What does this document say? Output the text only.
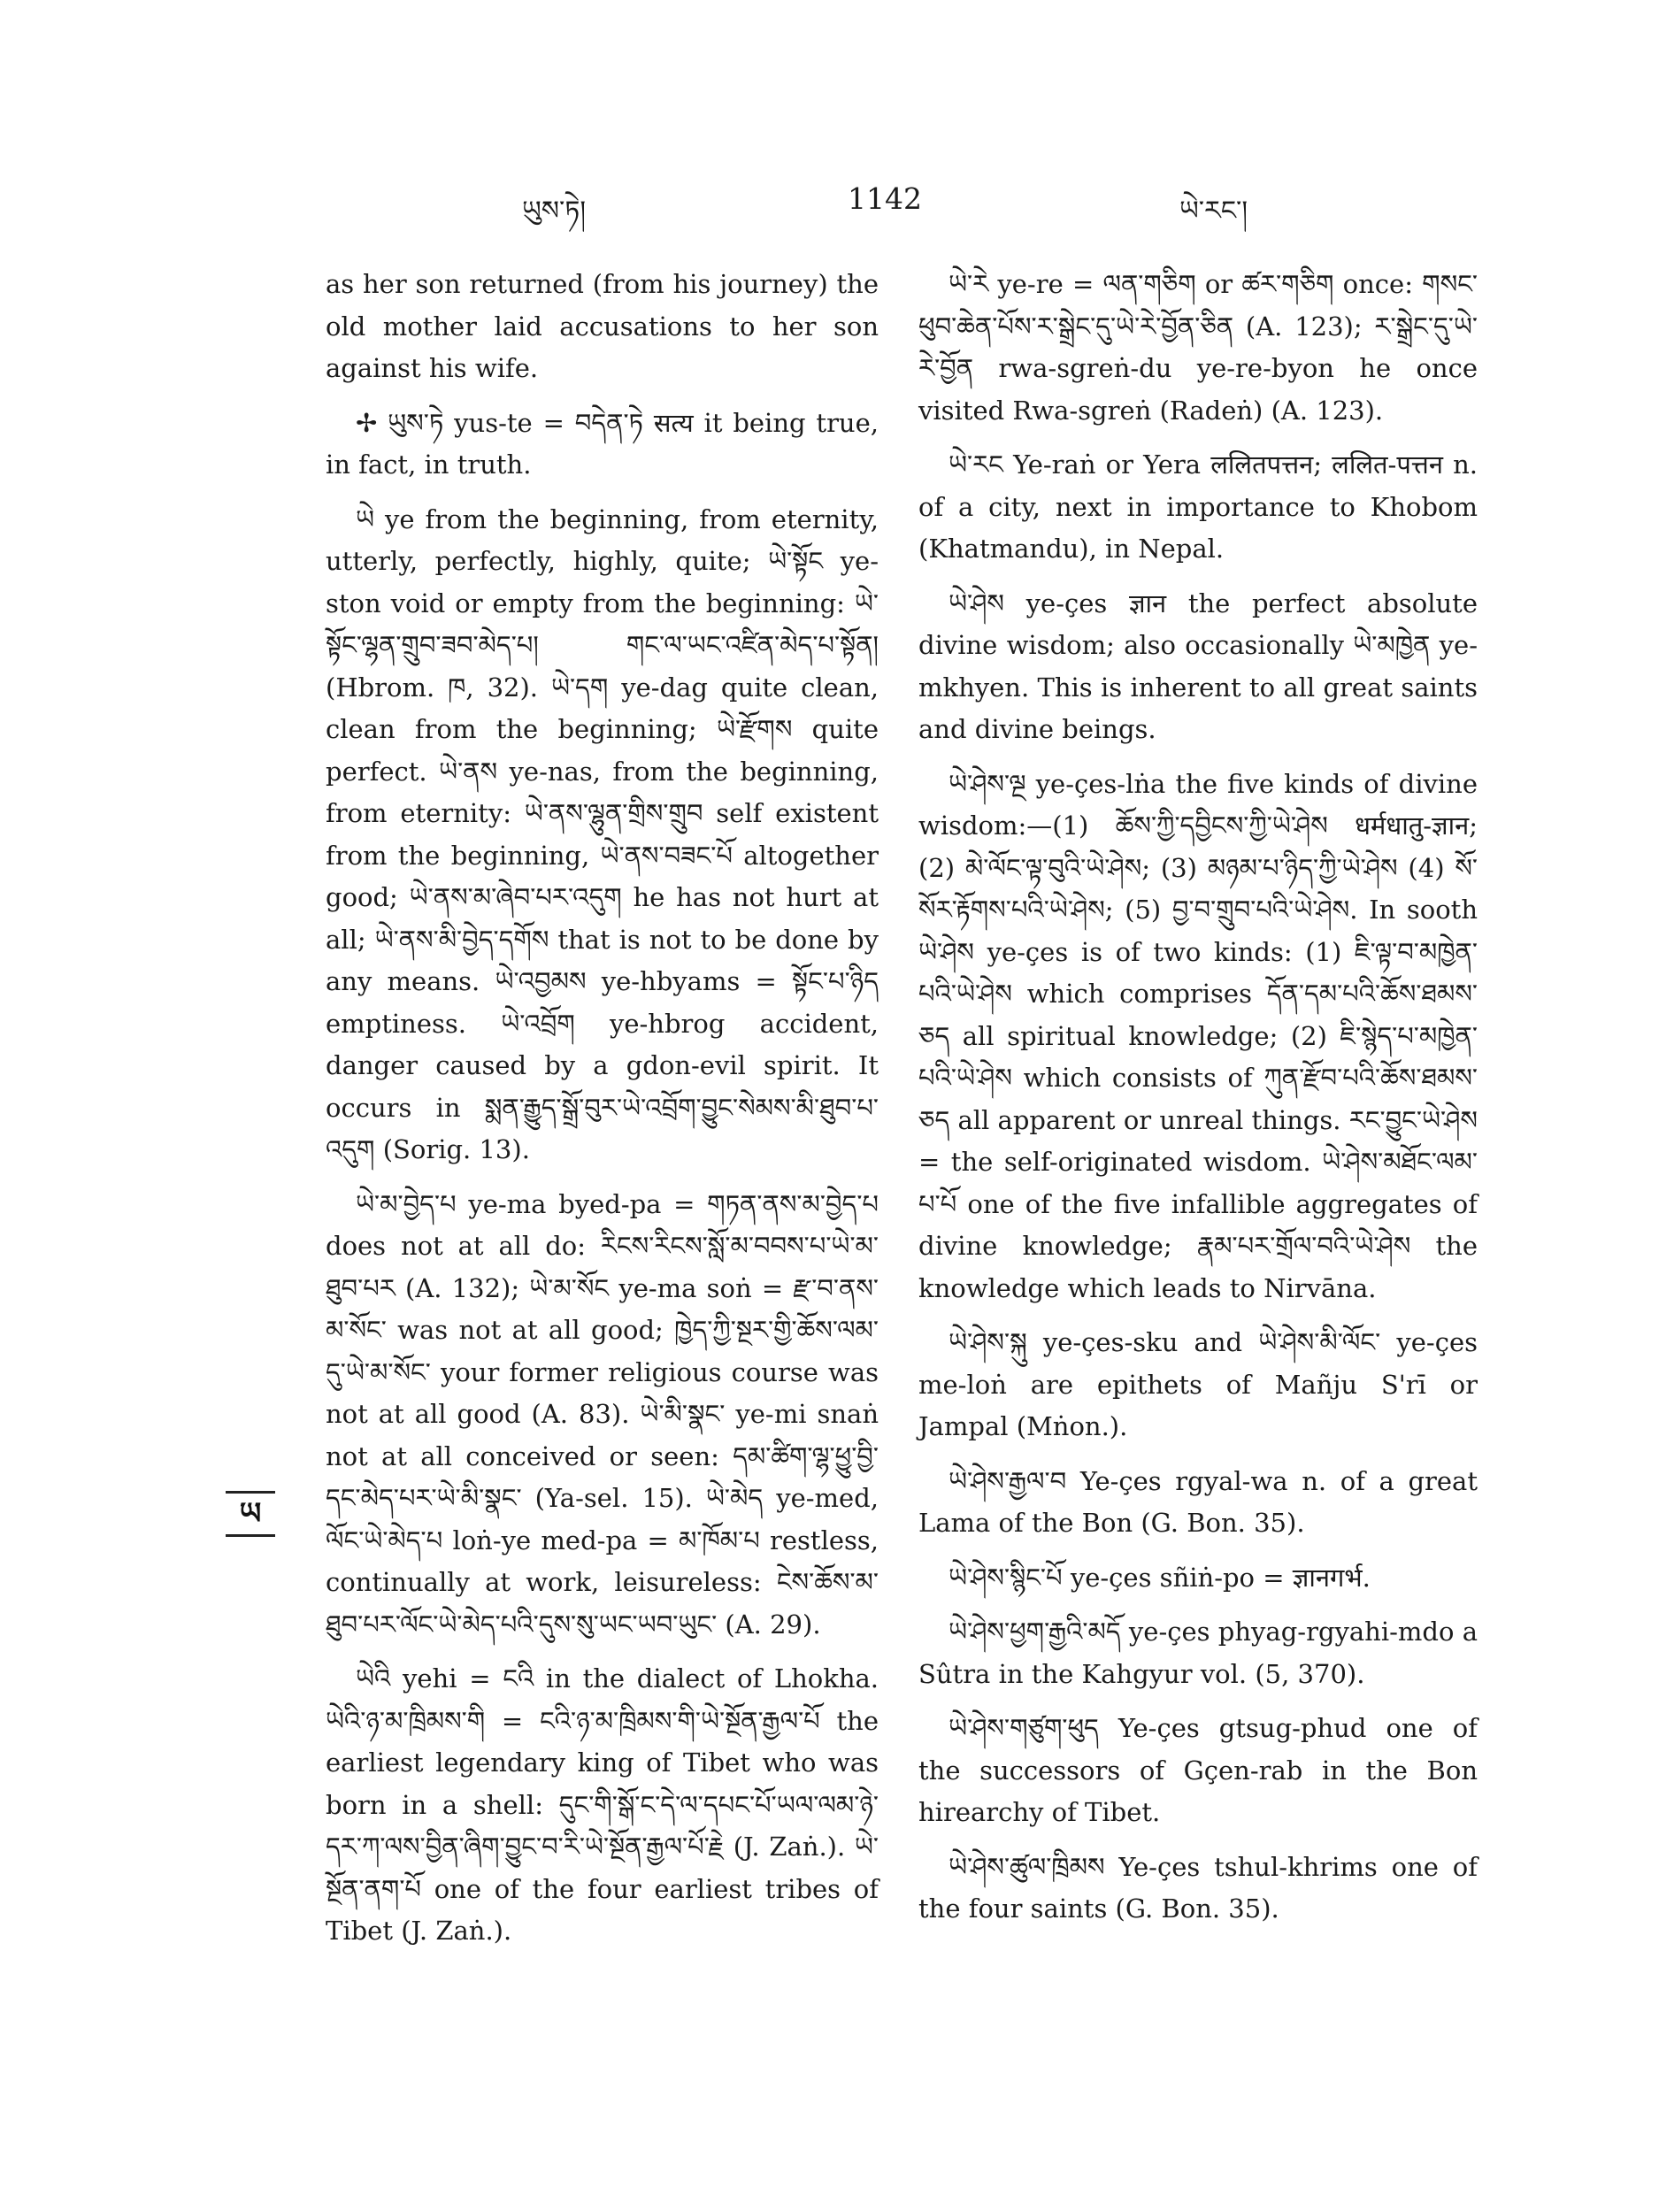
ཡུས་ཏེ།	1142	ཡེ་རང་།
ཡ

as her son returned (from his journey) the old mother laid accusations to her son against his wife.

✢ ཡུས་ཏེ yus-te = བདེན་ཏེ सत्य it being true, in fact, in truth.

ཡེ ye from the beginning, from eternity, utterly, perfectly, highly, quite; ཡེ་སྟོང ye-ston void or empty from the beginning: ཡེ་སྟོང་ལྷན་གྲུབ་ཟབ་མེད་པ། གང་ལ་ཡང་འཛིན་མེད་པ་སྟོན། (Hbrom. ཁ, 32). ཡེ་དག ye-dag quite clean, clean from the beginning; ཡེ་རྫོགས quite perfect. ཡེ་ནས ye-nas, from the beginning, from eternity: ཡེ་ནས་ལྷུན་གྲིས་གྲུབ self existent from the beginning, ཡེ་ནས་བཟང་པོ altogether good; ཡེ་ནས་མ་ཞེབ་པར་འདུག he has not hurt at all; ཡེ་ནས་མི་བྱེད་དགོས that is not to be done by any means. ཡེ་འབྱམས ye-hbyams = སྟོང་པ་ཉིད emptiness. ཡེ་འབྲོག ye-hbrog accident, danger caused by a gdon-evil spirit. It occurs in སྨན་རྒྱུད་སྒྲོ་བུར་ཡེ་འབྲོག་བྱུང་སེམས་མི་ཐུབ་པ་འདུག (Sorig. 13).

ཡེ་མ་བྱེད་པ ye-ma byed-pa = གཏན་ནས་མ་བྱེད་པ does not at all do: རིངས་རིངས་སློ་མ་བབས་པ་ཡེ་མ་ཐུབ་པར (A. 132); ཡེ་མ་སོང ye-ma soṅ = རྫ་བ་ནས་མ་སོང་ was not at all good; ཁྱེད་ཀྱི་སྔར་གྱི་ཆོས་ལམ་དུ་ཡེ་མ་སོང་ your former religious course was not at all good (A. 83). ཡེ་མི་སྣང་ ye-mi snaṅ not at all conceived or seen: དམ་ཚིག་ལྷ་ཕྱུ་བྱི་དང་མེད་པར་ཡེ་མི་སྣང་ (Ya-sel. 15). ཡེ་མེད ye-med, ལོང་ཡེ་མེད་པ loṅ-ye med-pa = མ་ཁོམ་པ restless, continually at work, leisureless: ངེས་ཆོས་མ་ཐུབ་པར་ལོང་ཡེ་མེད་པའི་དུས་སུ་ཡང་ཡབ་ཡུང་ (A. 29).

ཡེའི yehi = ངའི in the dialect of Lhokha. ཡེའི་ཉ་མ་ཁྲིམས་གི = ངའི་ཉ་མ་ཁྲིམས་གི་ཡེ་སྔོན་རྒྱལ་པོ the earliest legendary king of Tibet who was born in a shell: དུང་གི་སྒོ་ང་དེ་ལ་དཔང་པོ་ཡལ་ལམ་ཉེ་དར་ཀ་ལས་བྱིན་ཞིག་བྱུང་བ་རི་ཡེ་སྔོན་རྒྱལ་པོ་རྗེ (J. Zaṅ.). ཡེ་སྔོན་ནག་པོ one of the four earliest tribes of Tibet (J. Zaṅ.).

ཡེ་རེ ye-re = ལན་གཅིག or ཚར་གཅིག once: གསང་ཕུབ་ཆེན་པོས་ར་སྒྲེང་དུ་ཡེ་རེ་བྱོན་ཅིན (A. 123); ར་སྒྲེང་དུ་ཡེ་རེ་བྱོན rwa-sgreṅ-du ye-re-byon he once visited Rwa-sgreṅ (Radeṅ) (A. 123).

ཡེ་རང Ye-raṅ or Yera ललितपत्तन; ललित-पत्तन n. of a city, next in importance to Khobom (Khatmandu), in Nepal.

ཡེ་ཤེས ye-çes ज्ञान the perfect absolute divine wisdom; also occasionally ཡེ་མཁྱེན ye-mkhyen. This is inherent to all great saints and divine beings.

ཡེ་ཤེས་ལྔ ye-çes-lṅa the five kinds of divine wisdom:—(1) ཆོས་ཀྱི་དབྱིངས་ཀྱི་ཡེ་ཤེས धर्मधातु-ज्ञान; (2) མེ་ལོང་ལྟ་བུའི་ཡེ་ཤེས; (3) མཉམ་པ་ཉིད་ཀྱི་ཡེ་ཤེས (4) སོ་སོར་རྟོགས་པའི་ཡེ་ཤེས; (5) བྱ་བ་གྲུབ་པའི་ཡེ་ཤེས. In sooth ཡེ་ཤེས ye-çes is of two kinds: (1) ཇི་ལྟ་བ་མཁྱེན་པའི་ཡེ་ཤེས which comprises དོན་དམ་པའི་ཆོས་ཐམས་ཅད all spiritual knowledge; (2) ཇི་སྙེད་པ་མཁྱེན་པའི་ཡེ་ཤེས which consists of ཀུན་རྫོབ་པའི་ཆོས་ཐམས་ཅད all apparent or unreal things. རང་བྱུང་ཡེ་ཤེས = the self-originated wisdom. ཡེ་ཤེས་མཐོང་ལམ་པ་པོ one of the five infallible aggregates of divine knowledge; རྣམ་པར་གྲོལ་བའི་ཡེ་ཤེས the knowledge which leads to Nirvāna.

ཡེ་ཤེས་སྐུ ye-çes-sku and ཡེ་ཤེས་མི་ལོང་ ye-çes me-loṅ are epithets of Mañju S'rī or Jampal (Mṅon.).

ཡེ་ཤེས་རྒྱལ་བ Ye-çes rgyal-wa n. of a great Lama of the Bon (G. Bon. 35).

ཡེ་ཤེས་སྙིང་པོ ye-çes sñiṅ-po = ज्ञानगर्भ.

ཡེ་ཤེས་ཕྱག་རྒྱའི་མདོ ye-çes phyag-rgyahi-mdo a Sûtra in the Kahgyur vol. (5, 370).

ཡེ་ཤེས་གཙུག་ཕུད Ye-çes gtsug-phud one of the successors of Gçen-rab in the Bon hirearchy of Tibet.

ཡེ་ཤེས་ཚུལ་ཁྲིམས Ye-çes tshul-khrims one of the four saints (G. Bon. 35).
